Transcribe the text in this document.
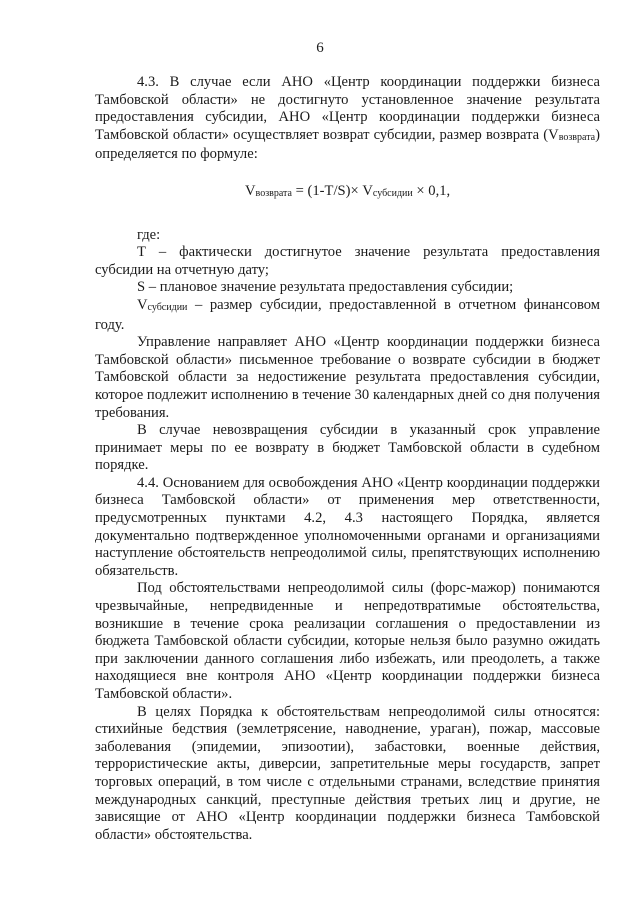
6

4.3. В случае если АНО «Центр координации поддержки бизнеса Тамбовской области» не достигнуто установленное значение результата предоставления субсидии, АНО «Центр координации поддержки бизнеса Тамбовской области» осуществляет возврат субсидии, размер возврата (Vвозврата) определяется по формуле:

Vвозврата = (1-T/S)× Vсубсидии × 0,1,

где:

Т – фактически достигнутое значение результата предоставления субсидии на отчетную дату;

S – плановое значение результата предоставления субсидии;

Vсубсидии – размер субсидии, предоставленной в отчетном финансовом году.

Управление направляет АНО «Центр координации поддержки бизнеса Тамбовской области» письменное требование о возврате субсидии в бюджет Тамбовской области за недостижение результата предоставления субсидии, которое подлежит исполнению в течение 30 календарных дней со дня получения требования.

В случае невозвращения субсидии в указанный срок управление принимает меры по ее возврату в бюджет Тамбовской области в судебном порядке.

4.4. Основанием для освобождения АНО «Центр координации поддержки бизнеса Тамбовской области» от применения мер ответственности, предусмотренных пунктами 4.2, 4.3 настоящего Порядка, является документально подтвержденное уполномоченными органами и организациями наступление обстоятельств непреодолимой силы, препятствующих исполнению обязательств.

Под обстоятельствами непреодолимой силы (форс-мажор) понимаются чрезвычайные, непредвиденные и непредотвратимые обстоятельства, возникшие в течение срока реализации соглашения о предоставлении из бюджета Тамбовской области субсидии, которые нельзя было разумно ожидать при заключении данного соглашения либо избежать, или преодолеть, а также находящиеся вне контроля АНО «Центр координации поддержки бизнеса Тамбовской области».

В целях Порядка к обстоятельствам непреодолимой силы относятся: стихийные бедствия (землетрясение, наводнение, ураган), пожар, массовые заболевания (эпидемии, эпизоотии), забастовки, военные действия, террористические акты, диверсии, запретительные меры государств, запрет торговых операций, в том числе с отдельными странами, вследствие принятия международных санкций, преступные действия третьих лиц и другие, не зависящие от АНО «Центр координации поддержки бизнеса Тамбовской области» обстоятельства.
